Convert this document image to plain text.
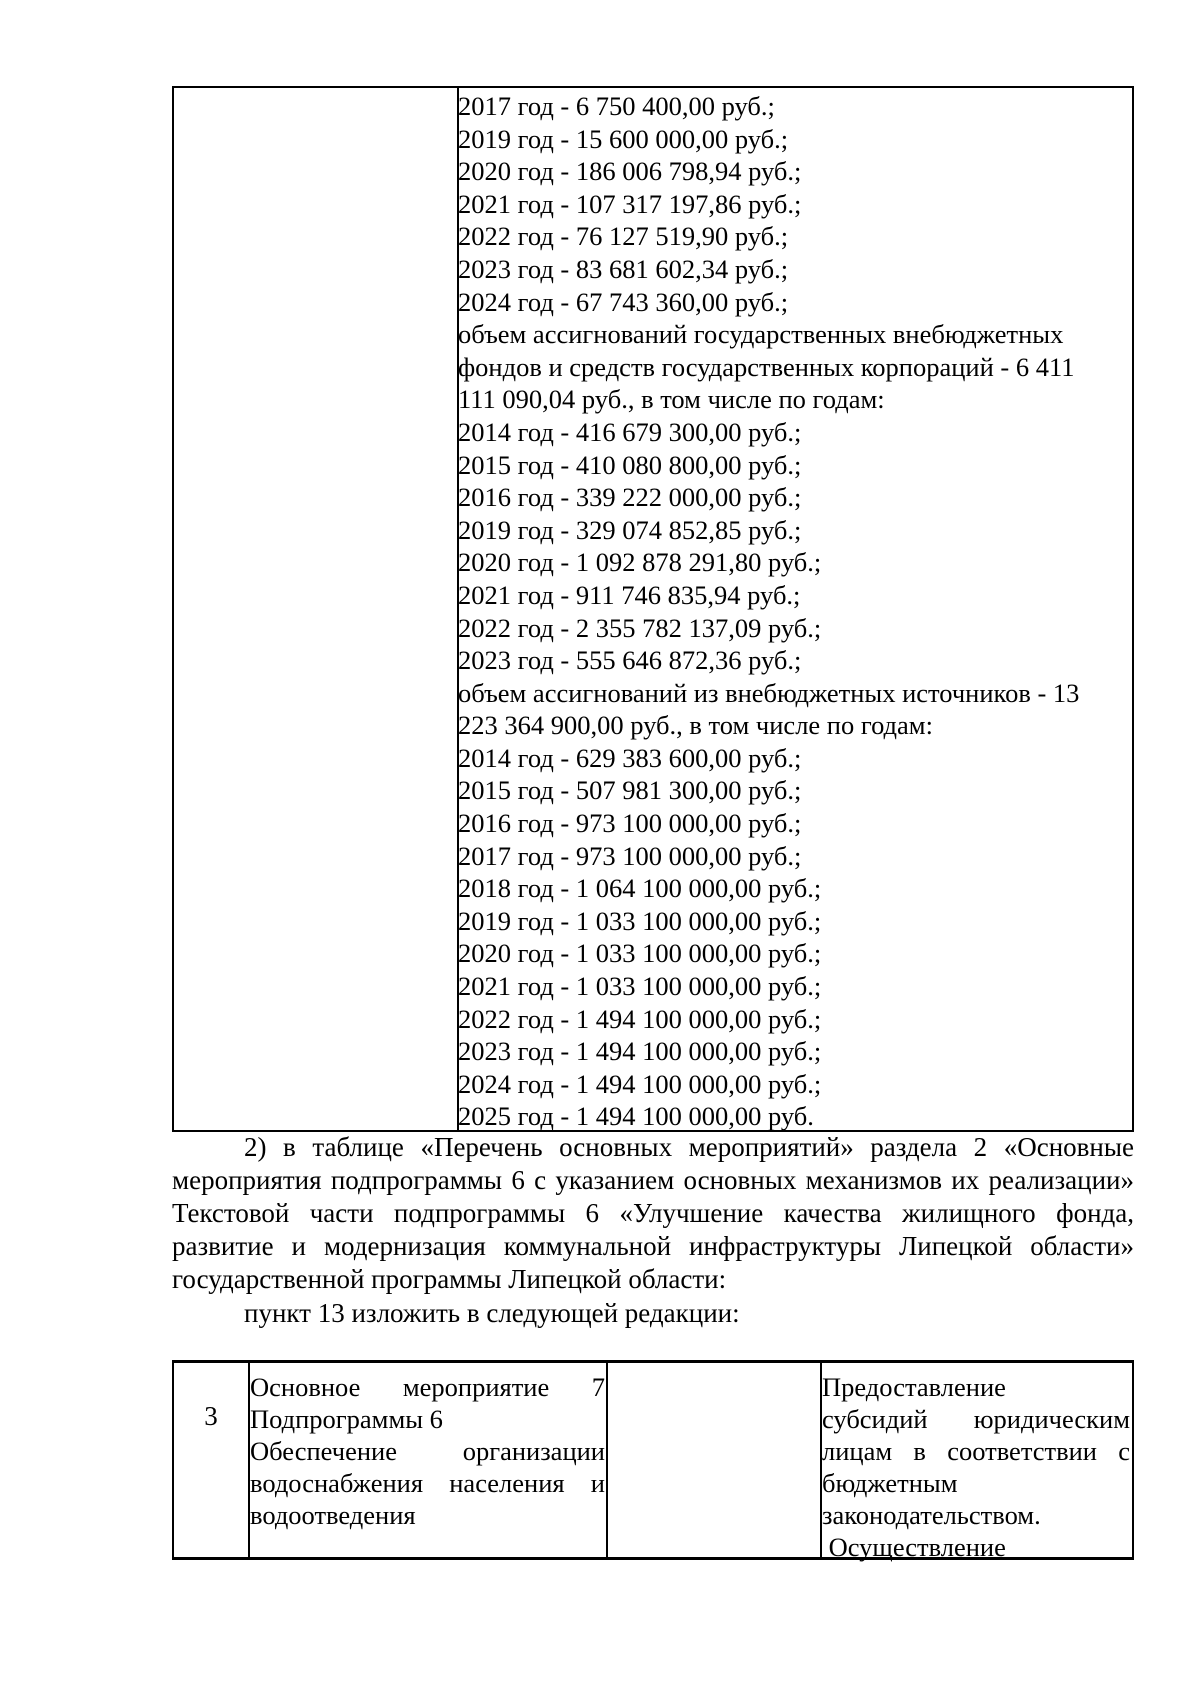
2017 год - 6 750 400,00 руб.;
2019 год - 15 600 000,00 руб.;
2020 год - 186 006 798,94 руб.;
2021 год - 107 317 197,86 руб.;
2022 год - 76 127 519,90 руб.;
2023 год - 83 681 602,34 руб.;
2024 год - 67 743 360,00 руб.;
объем ассигнований государственных внебюджетных
фондов и средств государственных корпораций - 6 411
111 090,04 руб., в том числе по годам:
2014 год - 416 679 300,00 руб.;
2015 год - 410 080 800,00 руб.;
2016 год - 339 222 000,00 руб.;
2019 год - 329 074 852,85 руб.;
2020 год - 1 092 878 291,80 руб.;
2021 год - 911 746 835,94 руб.;
2022 год - 2 355 782 137,09 руб.;
2023 год - 555 646 872,36 руб.;
объем ассигнований из внебюджетных источников - 13
223 364 900,00 руб., в том числе по годам:
2014 год - 629 383 600,00 руб.;
2015 год - 507 981 300,00 руб.;
2016 год - 973 100 000,00 руб.;
2017 год - 973 100 000,00 руб.;
2018 год - 1 064 100 000,00 руб.;
2019 год - 1 033 100 000,00 руб.;
2020 год - 1 033 100 000,00 руб.;
2021 год - 1 033 100 000,00 руб.;
2022 год - 1 494 100 000,00 руб.;
2023 год - 1 494 100 000,00 руб.;
2024 год - 1 494 100 000,00 руб.;
2025 год - 1 494 100 000,00 руб.
2) в таблице «Перечень основных мероприятий» раздела 2 «Основные мероприятия подпрограммы 6 с указанием основных механизмов их реализации» Текстовой части подпрограммы 6 «Улучшение качества жилищного фонда, развитие и модернизация коммунальной инфраструктуры Липецкой области» государственной программы Липецкой области:
пункт 13 изложить в следующей редакции:
3
Основное мероприятие 7
Подпрограммы 6
Обеспечение организации
водоснабжения населения и
водоотведения
Предоставление
субсидий юридическим
лицам в соответствии с
бюджетным
законодательством.
Осуществление
